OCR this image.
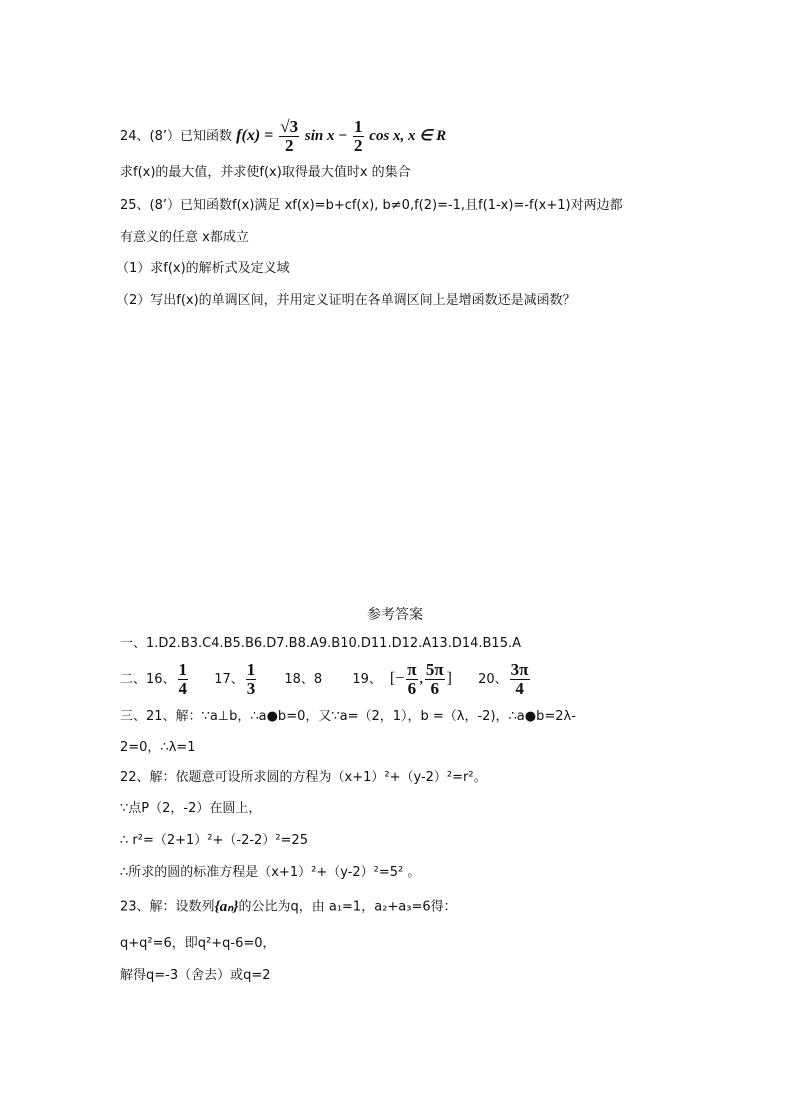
24、(8’）已知函数 $f(x) = \frac{√3}{2}$ $\sin x - \frac{1}{2}$ cos x, x ∈ R
求f(x)的最大值，并求使f(x)取得最大值时x 的集合
25、(8’）已知函数f(x)满足 xf(x)=b+cf(x), b≠0,f(2)=-1,且f(1-x)=-f(x+1)对两边都
有意义的任意 x都成立
（1）求f(x)的解析式及定义域
（2）写出f(x)的单调区间，并用定义证明在各单调区间上是增函数还是减函数？
参考答案
一、1.D2.B3.C4.B5.B6.D7.B8.A9.B10.D11.D12.A13.D14.B15.A
二、16、 $\frac{1}{4} 17$、 $\frac{1}{3} 18$、8 19、 [− $\frac{\pi}{6}$ , $\frac{5\pi}{6}$ ] 20、 $\frac{3\pi}{4}$
三、21、解：∵a⊥b，∴a●b=0，又∵a=（2，1），b =（λ，-2)，∴a●b=2λ-
2=0，∴λ=1
22、解：依题意可设所求圆的方程为（x+1）²+（y-2）²=r²。
∵点P（2，-2）在圆上，
∴ r²=（2+1）²+（-2-2）²=25
∴所求的圆的标准方程是（x+1）²+（y-2）²=5² 。
23、解：设数列{aₙ}的公比为q，由 a₁=1，a₂+a₃=6得：
q+q²=6，即q²+q-6=0，
解得q=-3（舍去）或q=2
